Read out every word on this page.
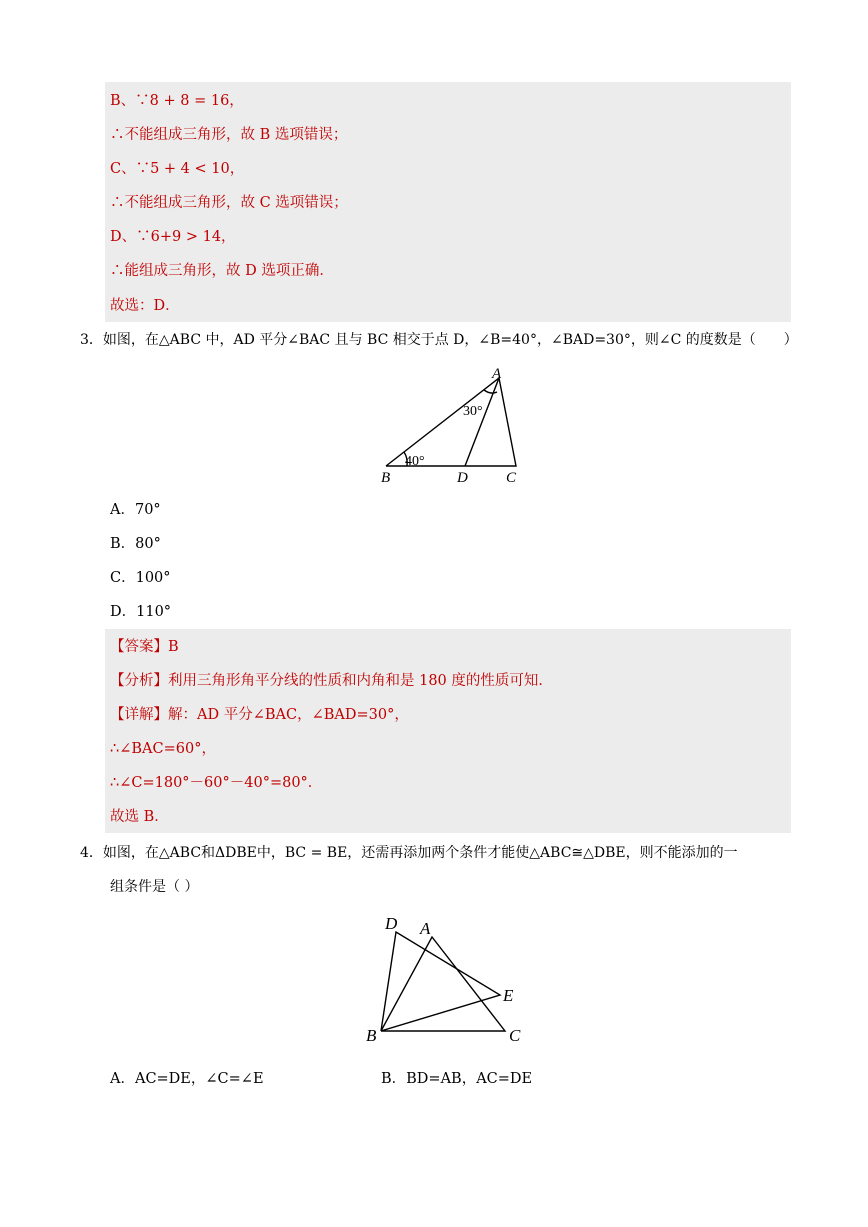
B、∵8 + 8 = 16，
∴不能组成三角形，故 B 选项错误；
C、∵5 + 4 < 10，
∴不能组成三角形，故 C 选项错误；
D、∵6+9 > 14，
∴能组成三角形，故 D 选项正确．
故选：D．
3．如图，在△ABC 中，AD 平分∠BAC 且与 BC 相交于点 D，∠B=40°，∠BAD=30°，则∠C 的度数是（　　）
A
B	D	C
30°
40°
D A
E
B	C
A．70°
B．80°
C．100°
D．110°
【答案】B
【分析】利用三角形角平分线的性质和内角和是 180 度的性质可知．
【详解】解：AD 平分∠BAC，∠BAD=30°，
∴∠BAC=60°，
∴∠C=180°－60°－40°=80°．
故选 B．
4．如图，在△ABC和ΔDBE中，BC = BE，还需再添加两个条件才能使△ABC≅△DBE，则不能添加的一
组条件是（ ）
A．AC=DE，∠C=∠E	B．BD=AB，AC=DE
